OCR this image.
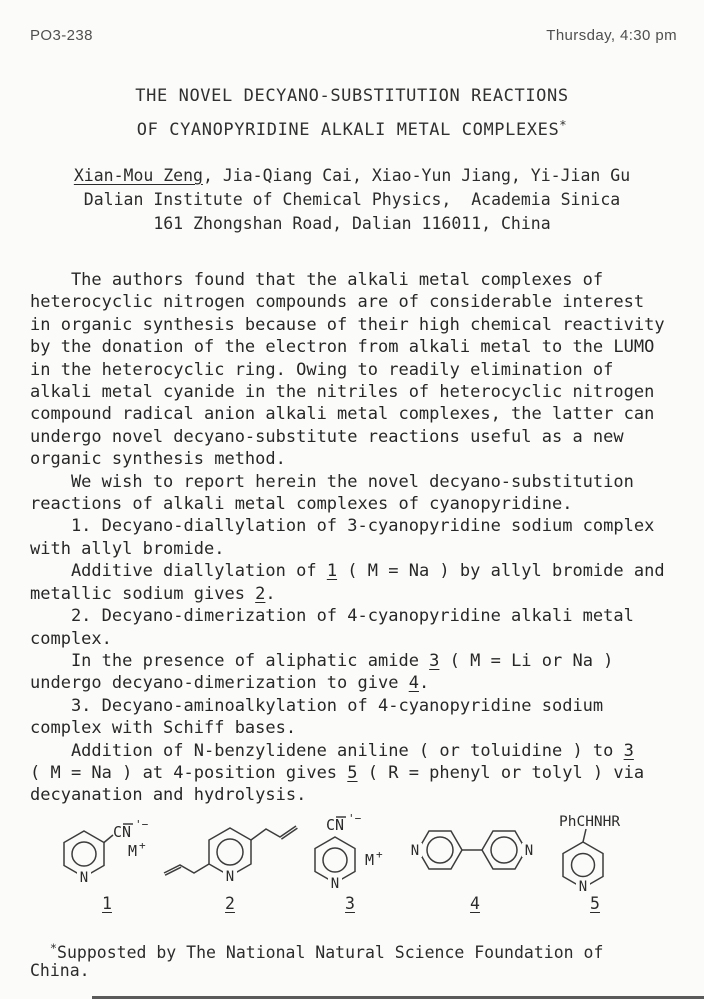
PO3-238	Thursday, 4:30 pm
THE NOVEL DECYANO-SUBSTITUTION REACTIONS
OF CYANOPYRIDINE ALKALI METAL COMPLEXES*
Xian-Mou Zeng, Jia-Qiang Cai, Xiao-Yun Jiang, Yi-Jian Gu
Dalian Institute of Chemical Physics,  Academia Sinica
161 Zhongshan Road, Dalian 116011, China
The authors found that the alkali metal complexes of
heterocyclic nitrogen compounds are of considerable interest
in organic synthesis because of their high chemical reactivity
by the donation of the electron from alkali metal to the LUMO
in the heterocyclic ring. Owing to readily elimination of
alkali metal cyanide in the nitriles of heterocyclic nitrogen
compound radical anion alkali metal complexes, the latter can
undergo novel decyano-substitute reactions useful as a new
organic synthesis method.
We wish to report herein the novel decyano-substitution
reactions of alkali metal complexes of cyanopyridine.
1. Decyano-diallylation of 3-cyanopyridine sodium complex
with allyl bromide.
Additive diallylation of 1 ( M = Na ) by allyl bromide and
metallic sodium gives 2.
2. Decyano-dimerization of 4-cyanopyridine alkali metal
complex.
In the presence of aliphatic amide 3 ( M = Li or Na )
undergo decyano-dimerization to give 4.
3. Decyano-aminoalkylation of 4-cyanopyridine sodium
complex with Schiff bases.
Addition of N-benzylidene aniline ( or toluidine ) to 3
( M = Na ) at 4-position gives 5 ( R = phenyl or tolyl ) via
decyanation and hydrolysis.
N
CN '−
M +
1
N
2
N
CN '−
M +
3
N	N
4
PhCHNHR
N
5
*Supposted by The National Natural Science Foundation of
China.
